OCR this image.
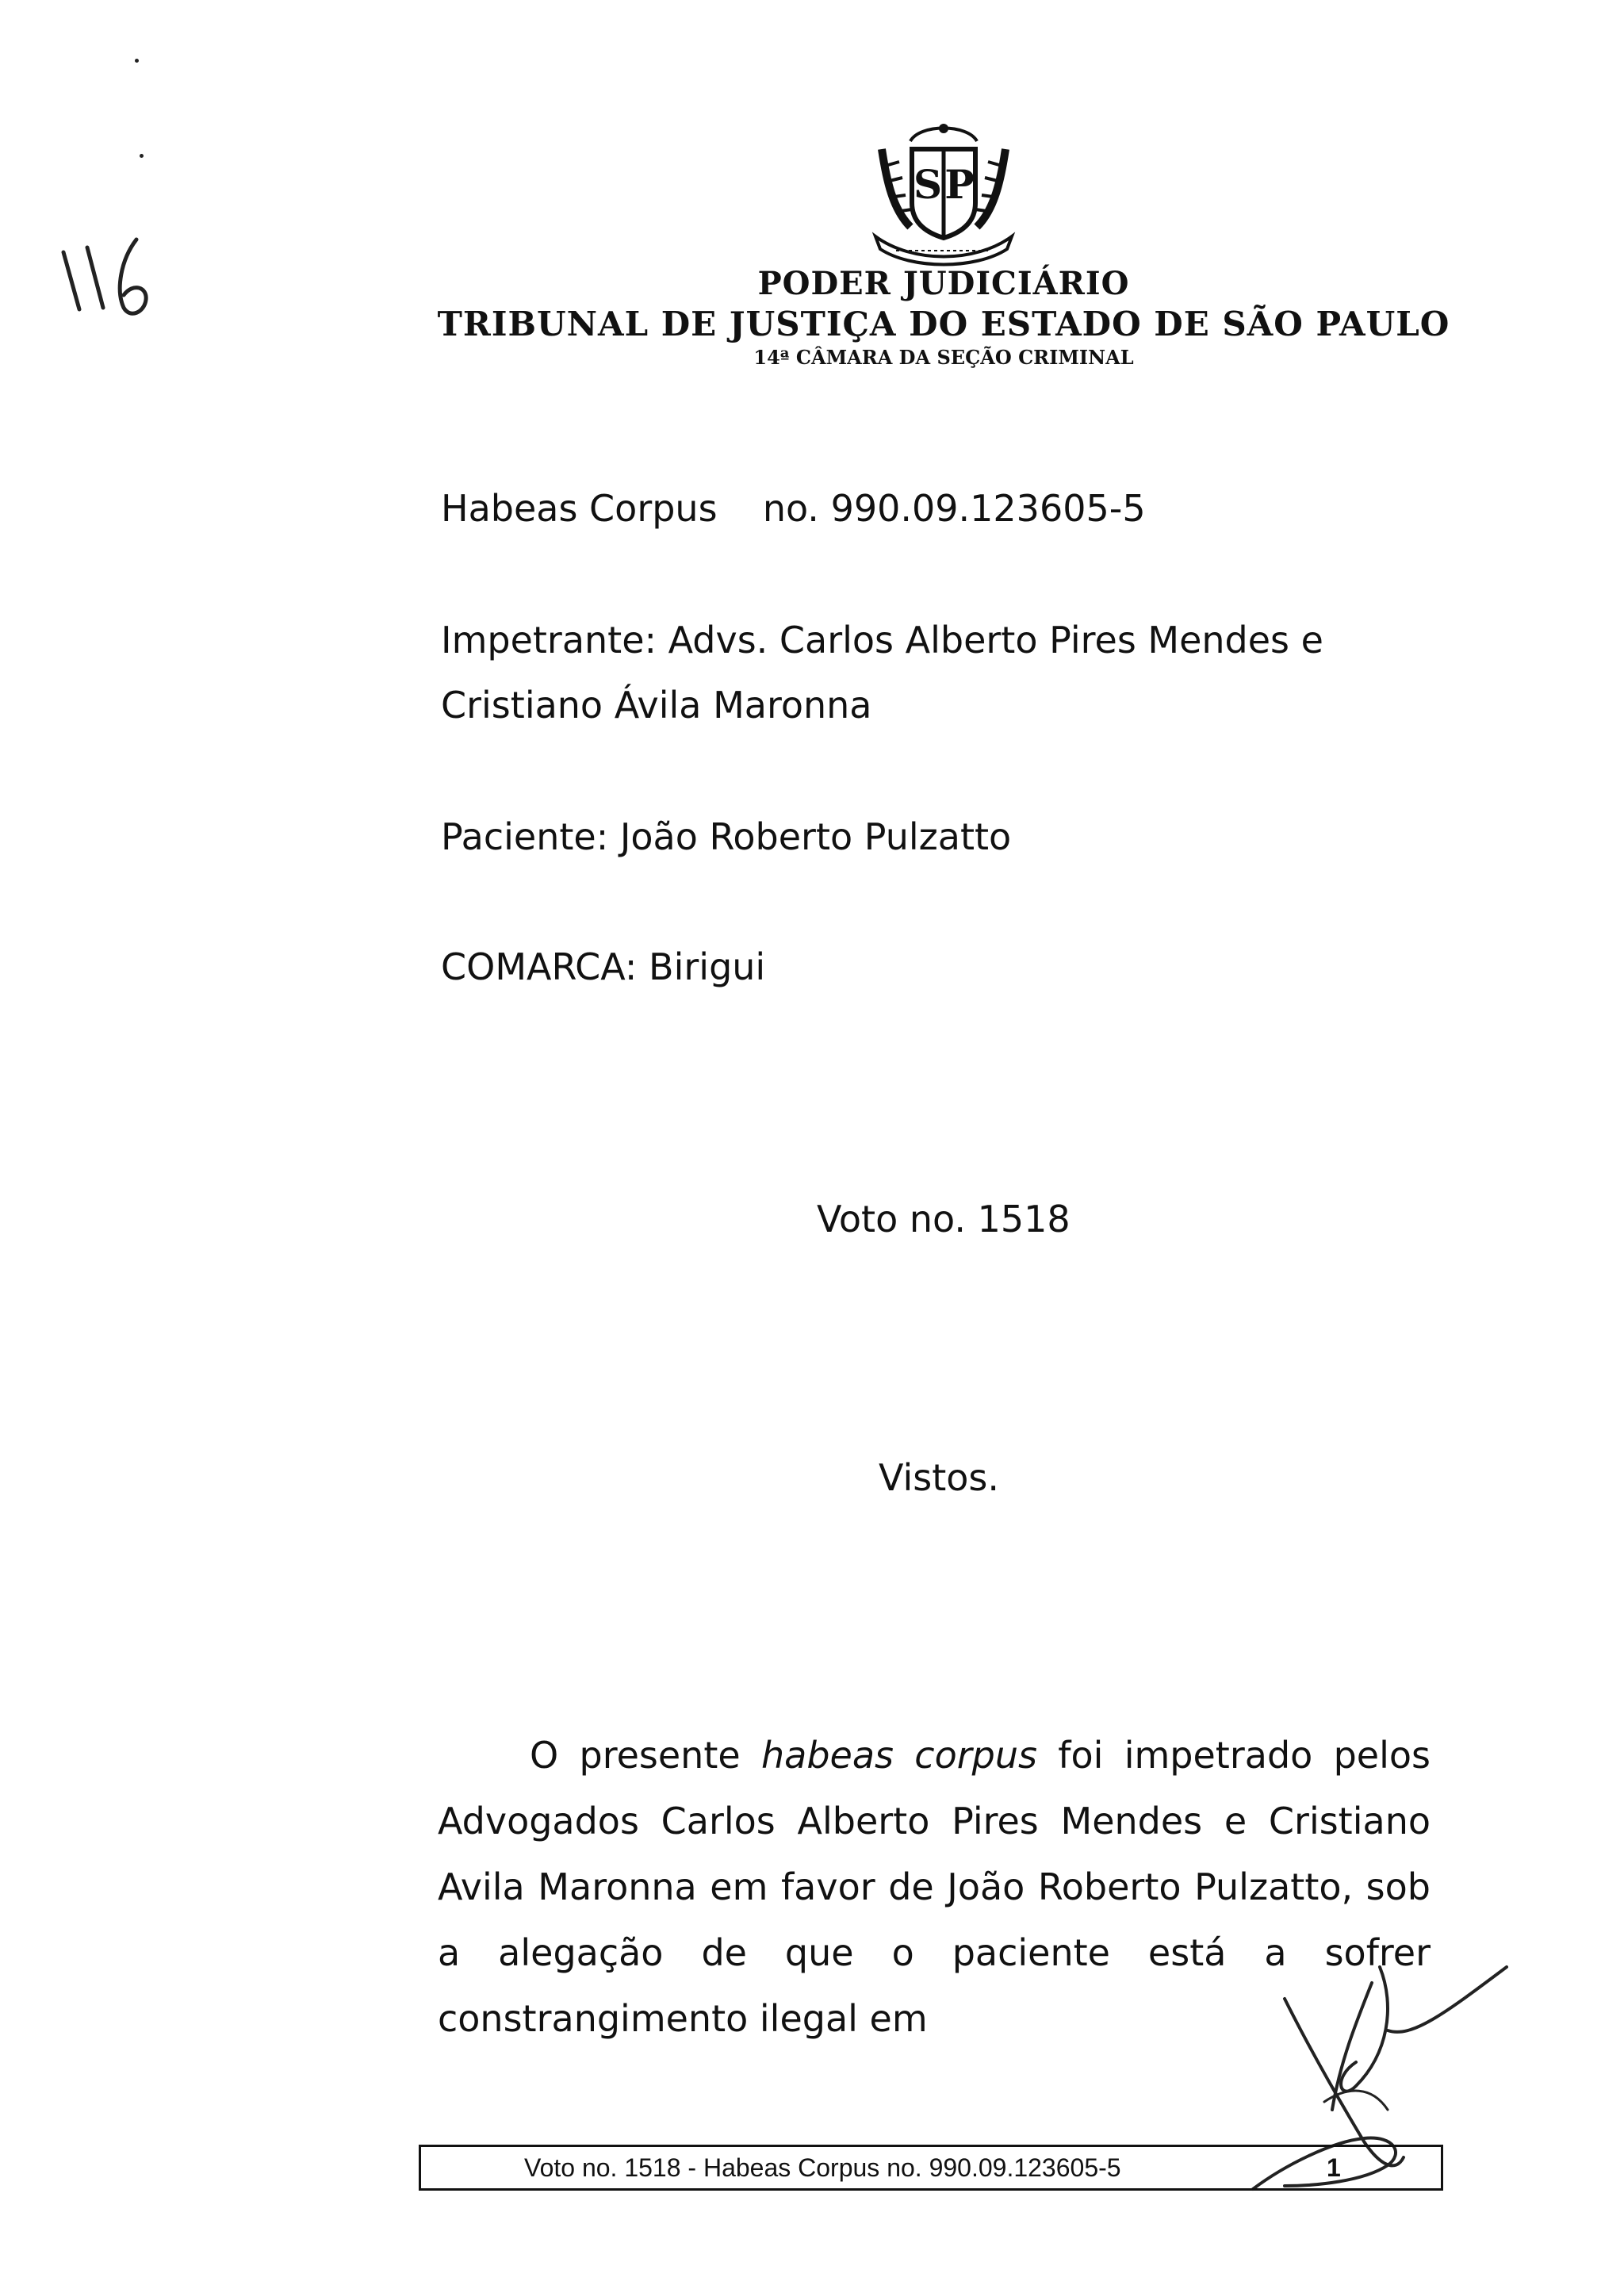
S P
PODER JUDICIÁRIO
TRIBUNAL DE JUSTIÇA DO ESTADO DE SÃO PAULO
14ª CÂMARA DA SEÇÃO CRIMINAL
Habeas Corpus no. 990.09.123605-5
Impetrante: Advs. Carlos Alberto Pires Mendes e Cristiano Ávila Maronna
Paciente: João Roberto Pulzatto
COMARCA: Birigui
Voto no. 1518
Vistos.
O presente habeas corpus foi impetrado pelos Advogados Carlos Alberto Pires Mendes e Cristiano Avila Maronna em favor de João Roberto Pulzatto, sob a alegação de que o paciente está a sofrer constrangimento ilegal em
Voto no. 1518 - Habeas Corpus no. 990.09.123605-5	1
